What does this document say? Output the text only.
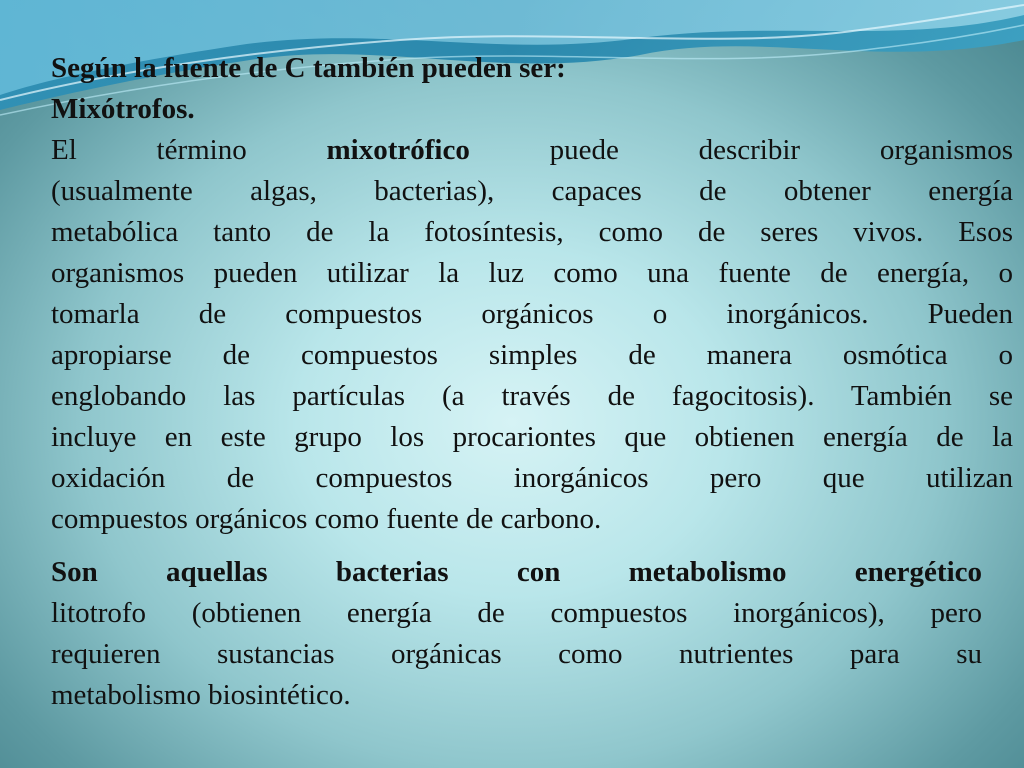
Según la fuente de C también pueden ser:
Mixótrofos.
El término	mixotrófico	puede describir organismos
(usualmente algas, bacterias), capaces de obtener energía
metabólica tanto de la fotosíntesis, como de seres vivos. Esos
organismos pueden utilizar la luz como una fuente de energía, o
tomarla de compuestos orgánicos o inorgánicos. Pueden
apropiarse de compuestos simples de manera osmótica o
englobando las partículas (a través de fagocitosis). También se
incluye en este grupo los procariontes que obtienen energía de la
oxidación de compuestos inorgánicos pero que utilizan
compuestos orgánicos como fuente de carbono.
Son aquellas bacterias con metabolismo energético
litotrofo (obtienen energía de compuestos inorgánicos), pero
requieren sustancias orgánicas como nutrientes para su
metabolismo biosintético.
